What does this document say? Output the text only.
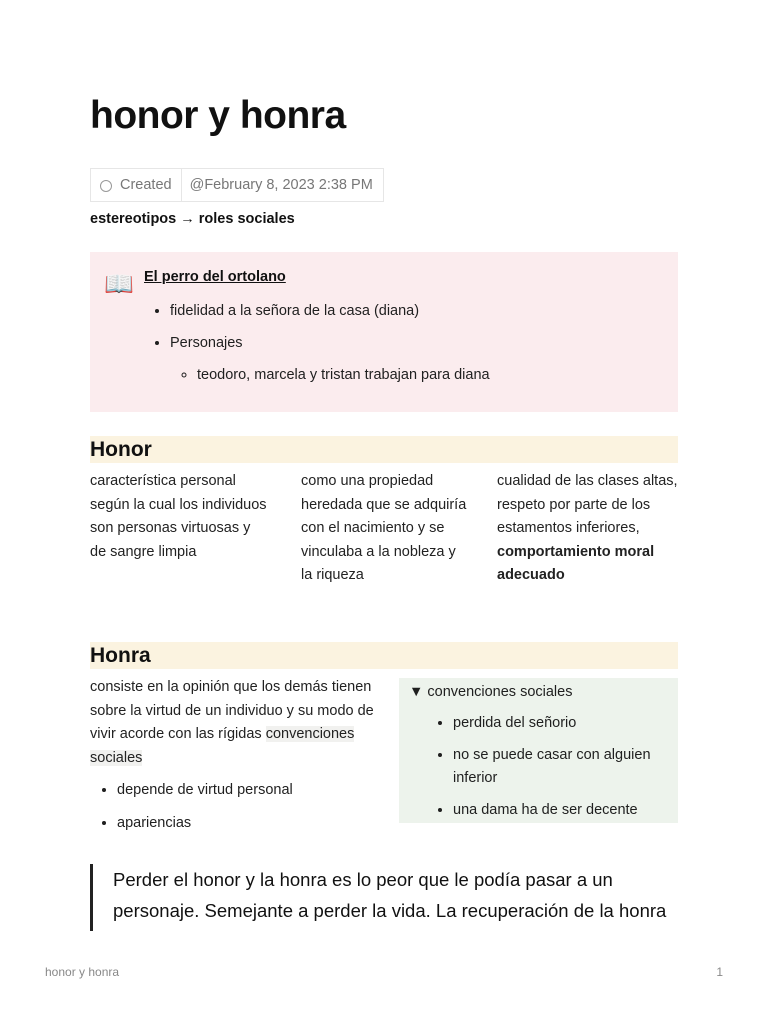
honor y honra
Created	@February 8, 2023 2:38 PM
estereotipos → roles sociales
📖 El perro del ortolano
• fidelidad a la señora de la casa (diana)
• Personajes
◦ teodoro, marcela y tristan trabajan para diana
Honor
característica personal según la cual los individuos son personas virtuosas y de sangre limpia
como una propiedad heredada que se adquiría con el nacimiento y se vinculaba a la nobleza y la riqueza
cualidad de las clases altas, respeto por parte de los estamentos inferiores, comportamiento moral adecuado
Honra
consiste en la opinión que los demás tienen sobre la virtud de un individuo y su modo de vivir acorde con las rígidas convenciones sociales
• depende de virtud personal
• apariencias
▼ convenciones sociales
• perdida del señorio
• no se puede casar con alguien inferior
• una dama ha de ser decente

Perder el honor y la honra es lo peor que le podía pasar a un personaje. Semejante a perder la vida. La recuperación de la honra

honor y honra	1
